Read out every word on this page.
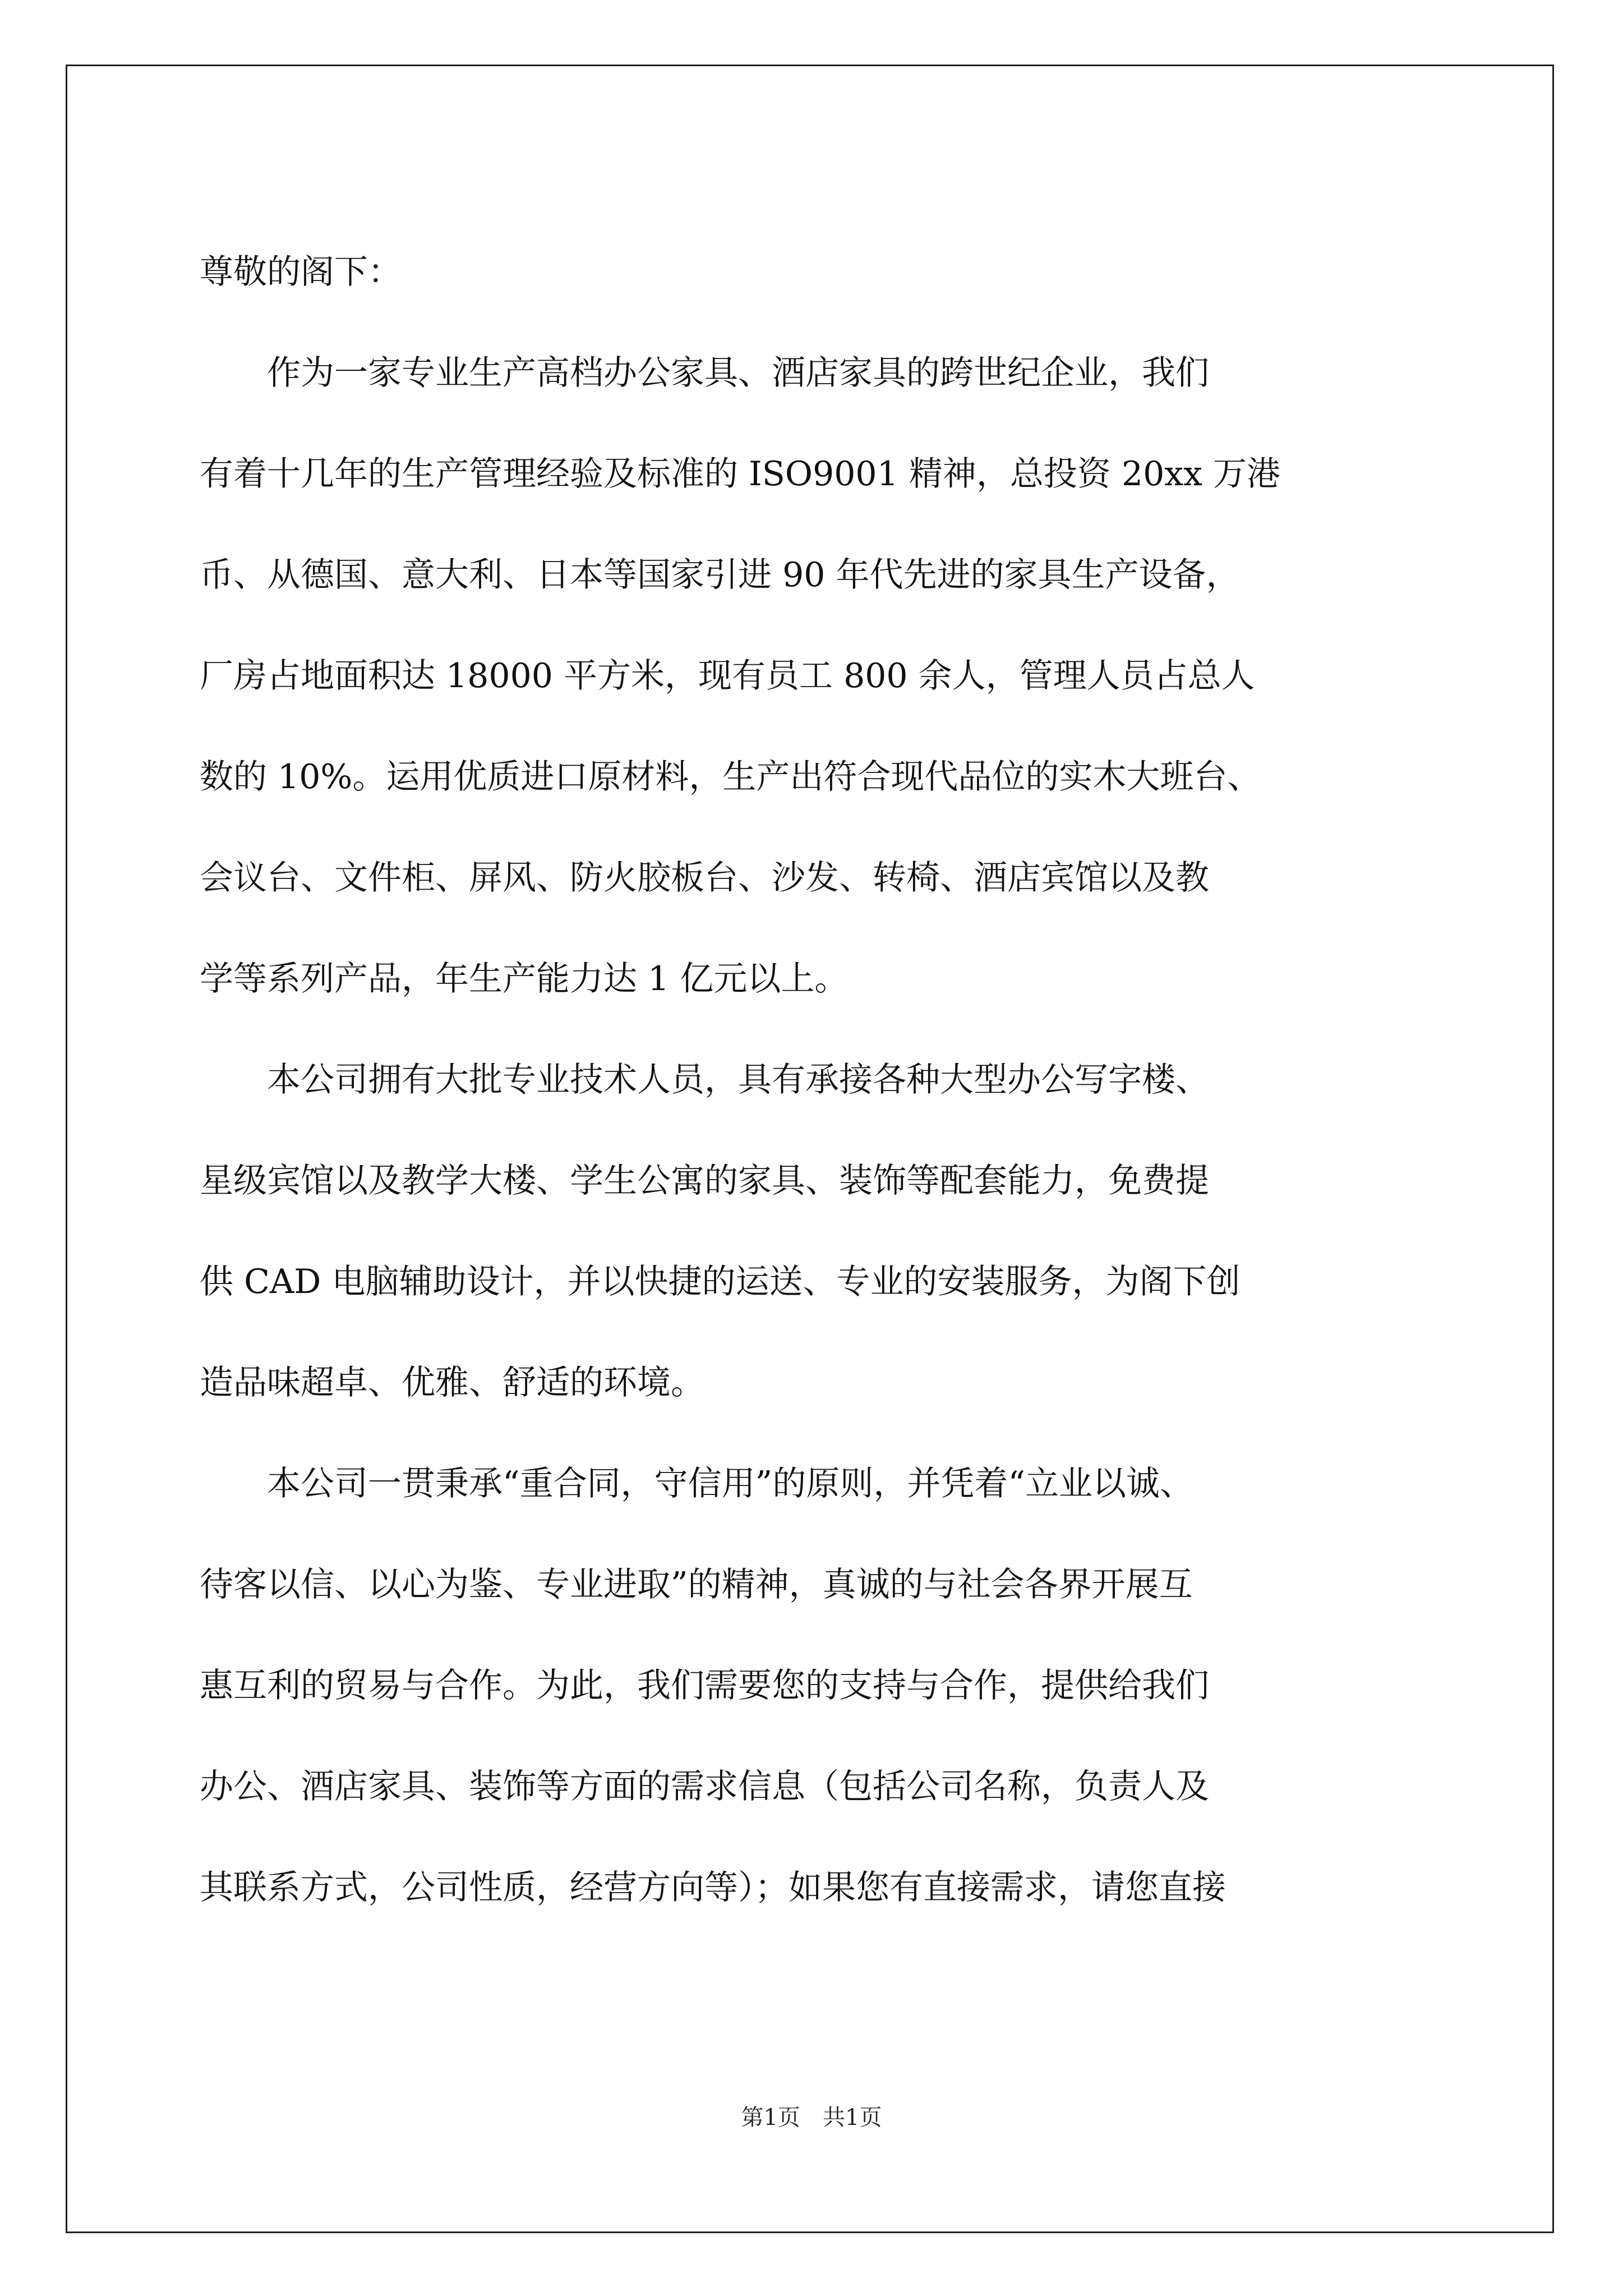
尊敬的阁下：
　　作为一家专业生产高档办公家具、酒店家具的跨世纪企业，我们
有着十几年的生产管理经验及标准的 ISO9001 精神，总投资 20xx 万港
币、从德国、意大利、日本等国家引进 90 年代先进的家具生产设备，
厂房占地面积达 18000 平方米，现有员工 800 余人，管理人员占总人
数的 10%。运用优质进口原材料，生产出符合现代品位的实木大班台、
会议台、文件柜、屏风、防火胶板台、沙发、转椅、酒店宾馆以及教
学等系列产品，年生产能力达 1 亿元以上。
　　本公司拥有大批专业技术人员，具有承接各种大型办公写字楼、
星级宾馆以及教学大楼、学生公寓的家具、装饰等配套能力，免费提
供 CAD 电脑辅助设计，并以快捷的运送、专业的安装服务，为阁下创
造品味超卓、优雅、舒适的环境。
　　本公司一贯秉承“重合同，守信用”的原则，并凭着“立业以诚、
待客以信、以心为鉴、专业进取”的精神，真诚的与社会各界开展互
惠互利的贸易与合作。为此，我们需要您的支持与合作，提供给我们
办公、酒店家具、装饰等方面的需求信息（包括公司名称，负责人及
其联系方式，公司性质，经营方向等）；如果您有直接需求，请您直接
第1页　共1页
